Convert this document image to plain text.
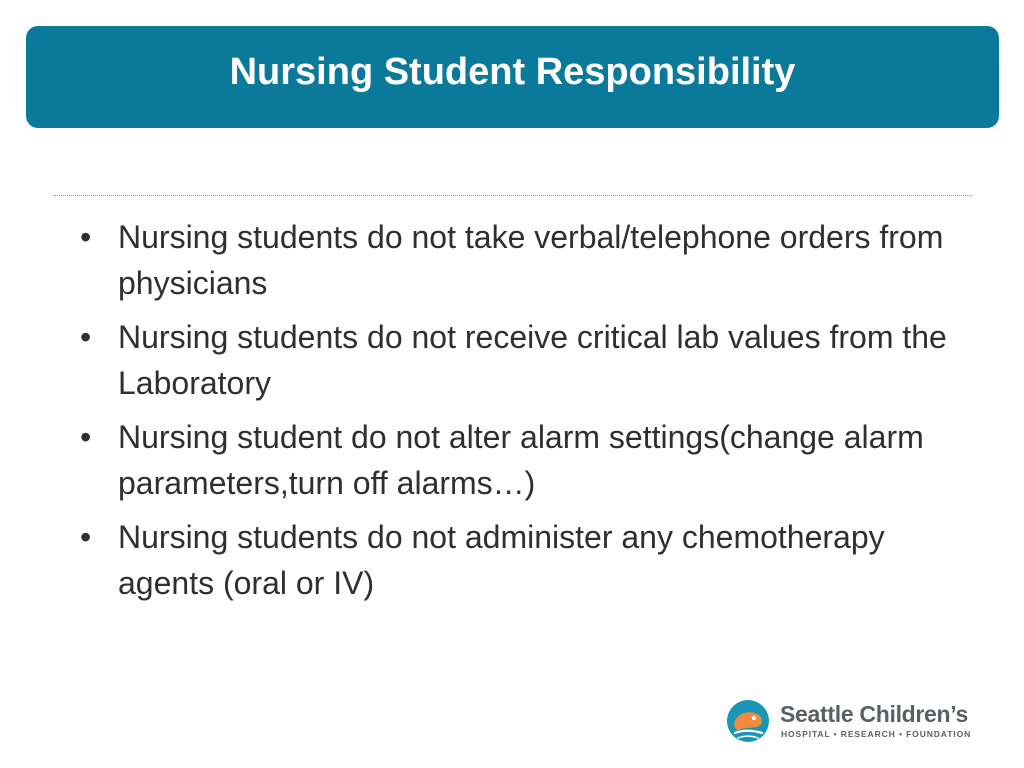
Nursing Student Responsibility
• Nursing students do not take verbal/telephone orders from physicians
• Nursing students do not receive critical lab values from the Laboratory
• Nursing student do not alter alarm settings(change alarm parameters,turn off alarms…)
• Nursing students do not administer any chemotherapy agents (oral or IV)
Seattle Children’s
HOSPITAL • RESEARCH • FOUNDATION
